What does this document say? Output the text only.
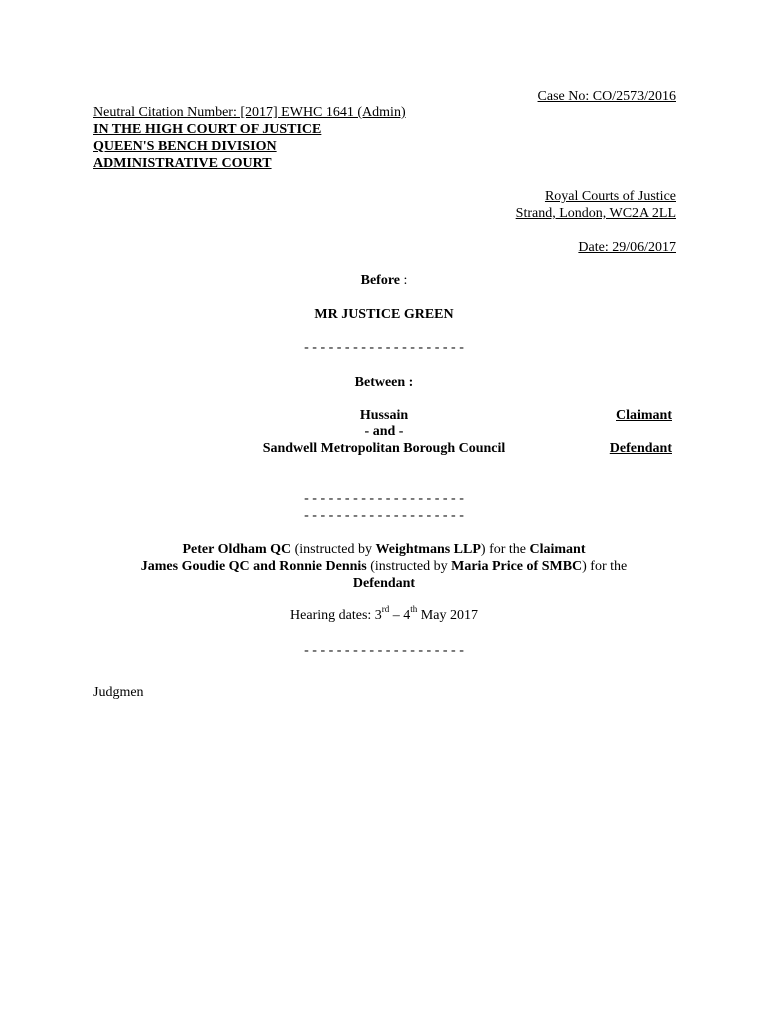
Case No: CO/2573/2016
Neutral Citation Number: [2017] EWHC 1641 (Admin)
IN THE HIGH COURT OF JUSTICE
QUEEN'S BENCH DIVISION
ADMINISTRATIVE COURT
Royal Courts of Justice
Strand, London, WC2A 2LL
Date: 29/06/2017
Before :
MR JUSTICE GREEN
- - - - - - - - - - - - - - - - - - - -
Between :
Hussain	Claimant
- and -
Sandwell Metropolitan Borough Council	Defendant
- - - - - - - - - - - - - - - - - - - -
- - - - - - - - - - - - - - - - - - - -
Peter Oldham QC (instructed by Weightmans LLP) for the Claimant
James Goudie QC and Ronnie Dennis (instructed by Maria Price of SMBC) for the
Defendant
Hearing dates: 3rd – 4th May 2017
- - - - - - - - - - - - - - - - - - - -
Judgmen
